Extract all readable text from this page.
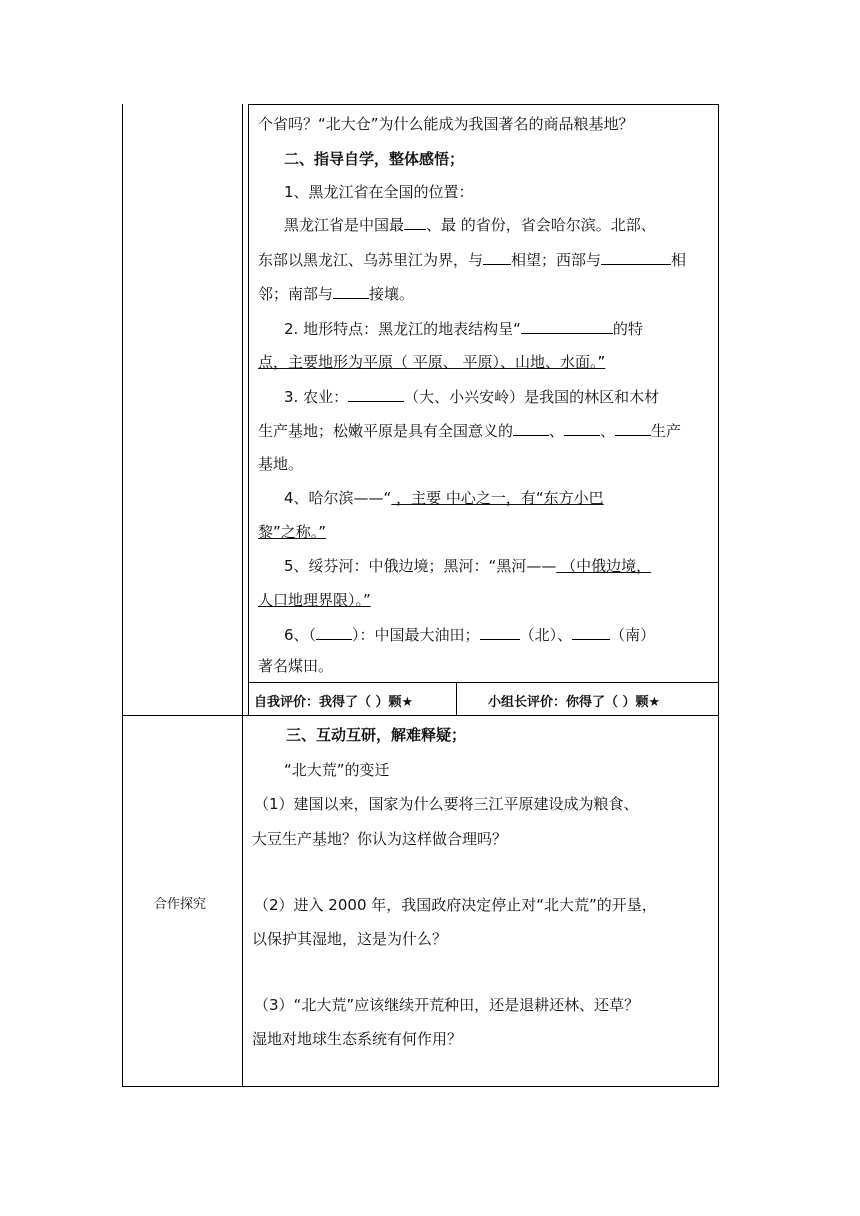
个省吗？“北大仓”为什么能成为我国著名的商品粮基地？
二、指导自学，整体感悟；
1、黑龙江省在全国的位置：
黑龙江省是中国最 、最 的省份，省会哈尔滨。北部、
东部以黑龙江、乌苏里江为界，与 相望；西部与	相
邻；南部与 接壤。
2. 地形特点：黑龙江的地表结构呈“	的特
点，主要地形为平原（ 平原、 平原）、山地、水面。”
3. 农业：	（大、小兴安岭）是我国的林区和木材
生产基地；松嫩平原是具有全国意义的 、 、 生产
基地。
4、哈尔滨——“ ，主要 中心之一，有“东方小巴
黎”之称。”
5、绥芬河：中俄边境；黑河：“黑河—— （中俄边境，
人口地理界限）。”
6、（ ）：中国最大油田；	（北）、	（南）
著名煤田。
自我评价：我得了（ ）颗★	小组长评价：你得了（ ）颗★
合作探究
三、互动互研，解难释疑；
“北大荒”的变迁
（1）建国以来，国家为什么要将三江平原建设成为粮食、
大豆生产基地？你认为这样做合理吗？
（2）进入 2000 年，我国政府决定停止对“北大荒”的开垦，
以保护其湿地，这是为什么？
（3）“北大荒”应该继续开荒种田，还是退耕还林、还草？
湿地对地球生态系统有何作用？
